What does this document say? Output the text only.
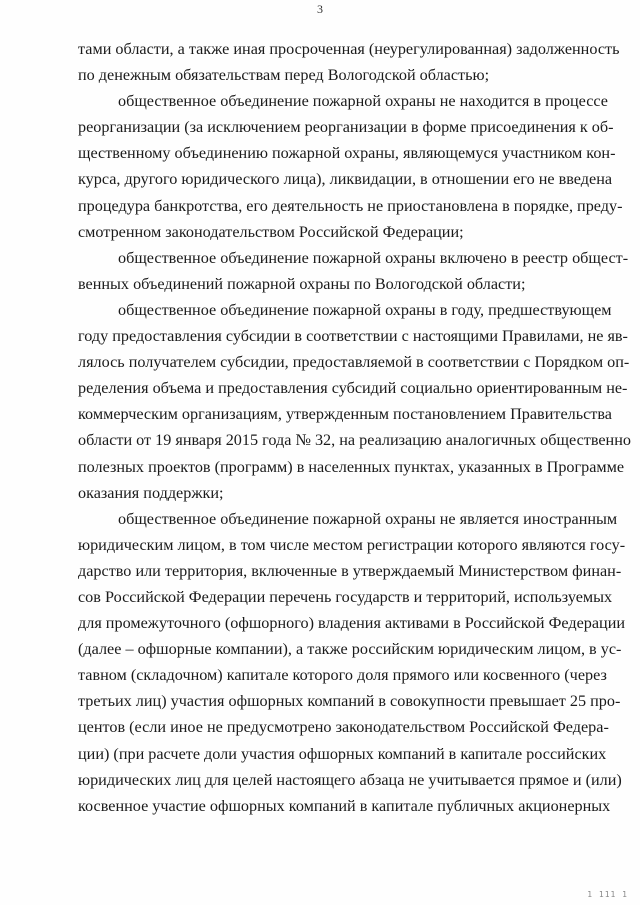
3
тами области, а также иная просроченная (неурегулированная) задолженность
по денежным обязательствам перед Вологодской областью;
общественное объединение пожарной охраны не находится в процессе
реорганизации (за исключением реорганизации в форме присоединения к об-
щественному объединению пожарной охраны, являющемуся участником кон-
курса, другого юридического лица), ликвидации, в отношении его не введена
процедура банкротства, его деятельность не приостановлена в порядке, преду-
смотренном законодательством Российской Федерации;
общественное объединение пожарной охраны включено в реестр общест-
венных объединений пожарной охраны по Вологодской области;
общественное объединение пожарной охраны в году, предшествующем
году предоставления субсидии в соответствии с настоящими Правилами, не яв-
лялось получателем субсидии, предоставляемой в соответствии с Порядком оп-
ределения объема и предоставления субсидий социально ориентированным не-
коммерческим организациям, утвержденным постановлением Правительства
области от 19 января 2015 года № 32, на реализацию аналогичных общественно
полезных проектов (программ) в населенных пунктах, указанных в Программе
оказания поддержки;
общественное объединение пожарной охраны не является иностранным
юридическим лицом, в том числе местом регистрации которого являются госу-
дарство или территория, включенные в утверждаемый Министерством финан-
сов Российской Федерации перечень государств и территорий, используемых
для промежуточного (офшорного) владения активами в Российской Федерации
(далее – офшорные компании), а также российским юридическим лицом, в ус-
тавном (складочном) капитале которого доля прямого или косвенного (через
третьих лиц) участия офшорных компаний в совокупности превышает 25 про-
центов (если иное не предусмотрено законодательством Российской Федера-
ции) (при расчете доли участия офшорных компаний в капитале российских
юридических лиц для целей настоящего абзаца не учитывается прямое и (или)
косвенное участие офшорных компаний в капитале публичных акционерных
1 111 1
